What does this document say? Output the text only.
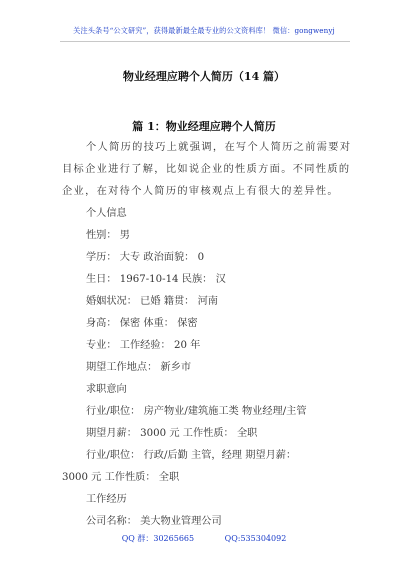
关注头条号“公文研究”，获得最新最全最专业的公文资料库！ 微信：gongwenyj
物业经理应聘个人简历（14 篇）
篇 1：物业经理应聘个人简历
个人简历的技巧上就强调，在写个人简历之前需要对
目标企业进行了解，比如说企业的性质方面。不同性质的
企业，在对待个人简历的审核观点上有很大的差异性。
个人信息
性别： 男
学历： 大专 政治面貌： 0
生日： 1967-10-14 民族： 汉
婚姻状况： 已婚 籍贯： 河南
身高： 保密 体重： 保密
专业： 工作经验： 20 年
期望工作地点： 新乡市
求职意向
行业/职位： 房产物业/建筑施工类 物业经理/主管
期望月薪： 3000 元 工作性质： 全职
行业/职位： 行政/后勤 主管，经理 期望月薪：
3000 元 工作性质： 全职
工作经历
公司名称： 美大物业管理公司
QQ 群：30265665	QQ:535304092
